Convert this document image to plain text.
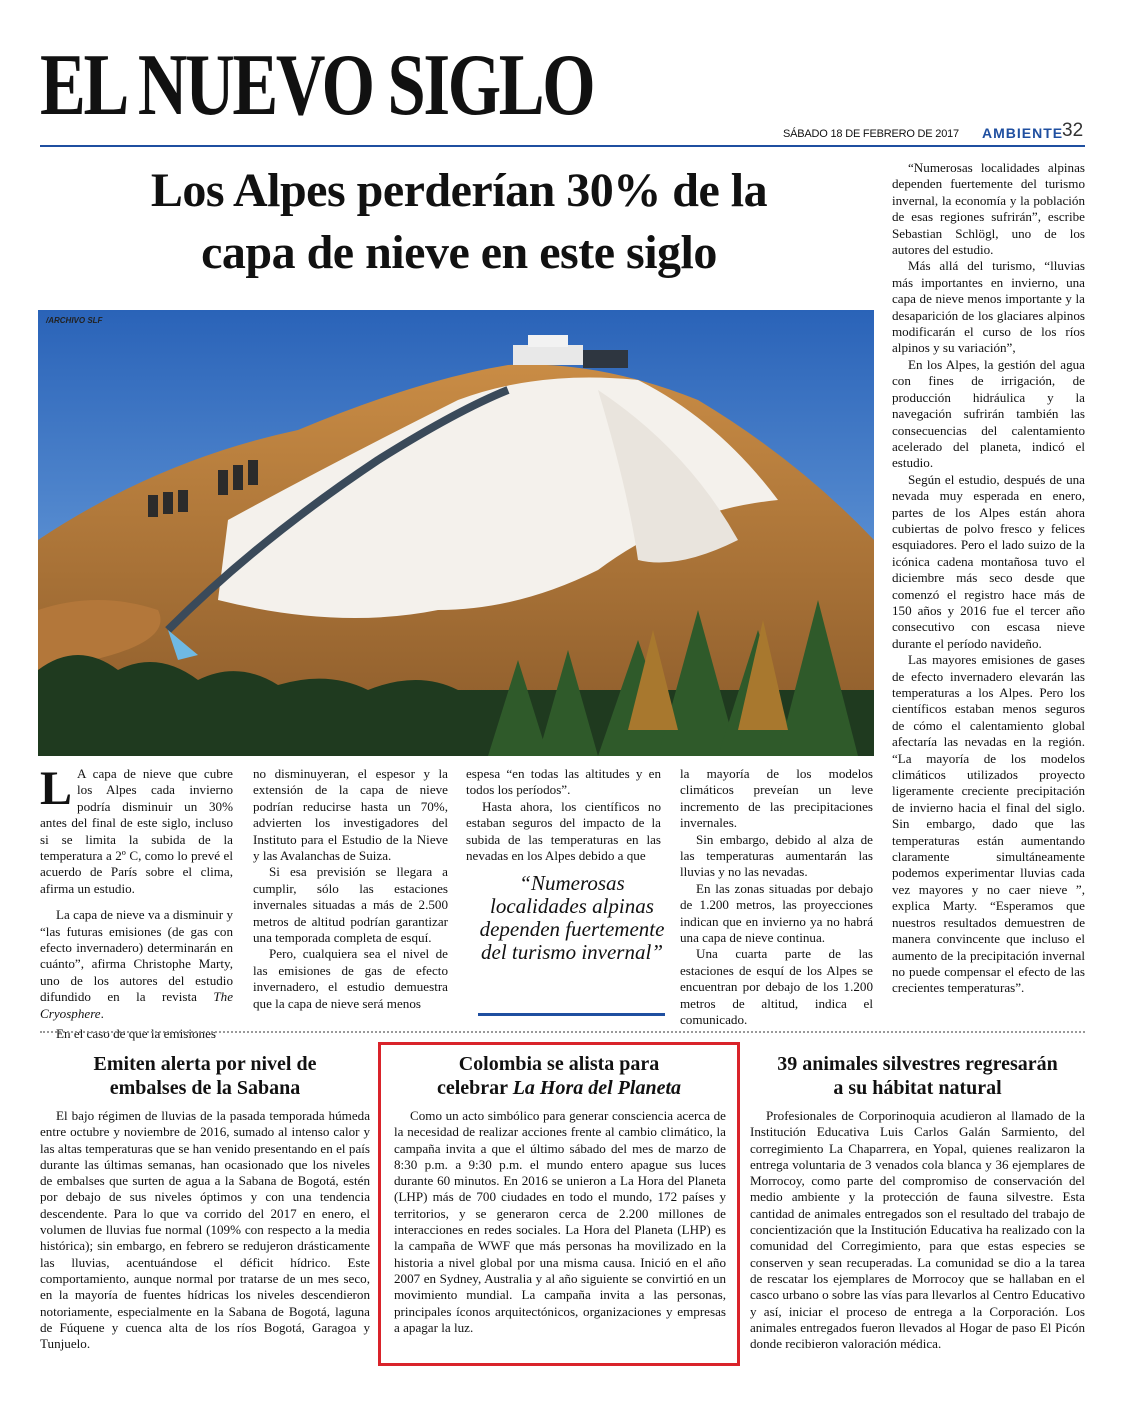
EL NUEVO SIGLO	SÁBADO 18 DE FEBRERO DE 2017 AMBIENTE
32
Los Alpes perderían 30% de la
capa de nieve en este siglo
/ARCHIVO SLF

L A capa de nieve que cubre los Alpes cada invierno podría disminuir un 30% antes del final de este siglo, incluso si se limita la subida de la temperatura a 2º C, como lo prevé el acuerdo de París sobre el clima, afirma un estudio.

La capa de nieve va a disminuir y “las futuras emisiones (de gas con efecto invernadero) determinarán en cuánto”, afirma Christophe Marty, uno de los autores del estudio difundido en la revista The Cryosphere.

En el caso de que la emisiones

no disminuyeran, el espesor y la extensión de la capa de nieve podrían reducirse hasta un 70%, advierten los investigadores del Instituto para el Estudio de la Nieve y las Avalanchas de Suiza.

Si esa previsión se llegara a cumplir, sólo las estaciones invernales situadas a más de 2.500 metros de altitud podrían garantizar una temporada completa de esquí.

Pero, cualquiera sea el nivel de las emisiones de gas de efecto invernadero, el estudio demuestra que la capa de nieve será menos

espesa “en todas las altitudes y en todos los períodos”.

Hasta ahora, los científicos no estaban seguros del impacto de la subida de las temperaturas en las nevadas en los Alpes debido a que

“Numerosas localidades alpinas dependen fuertemente del turismo invernal”

la mayoría de los modelos climáticos preveían un leve incremento de las precipitaciones invernales.

Sin embargo, debido al alza de las temperaturas aumentarán las lluvias y no las nevadas.

En las zonas situadas por debajo de 1.200 metros, las proyecciones indican que en invierno ya no habrá una capa de nieve continua.

Una cuarta parte de las estaciones de esquí de los Alpes se encuentran por debajo de los 1.200 metros de altitud, indica el comunicado.

“Numerosas localidades alpinas dependen fuertemente del turismo invernal, la economía y la población de esas regiones sufrirán”, escribe Sebastian Schlögl, uno de los autores del estudio.

Más allá del turismo, “lluvias más importantes en invierno, una capa de nieve menos importante y la desaparición de los glaciares alpinos modificarán el curso de los ríos alpinos y su variación”,

En los Alpes, la gestión del agua con fines de irrigación, de producción hidráulica y la navegación sufrirán también las consecuencias del calentamiento acelerado del planeta, indicó el estudio.

Según el estudio, después de una nevada muy esperada en enero, partes de los Alpes están ahora cubiertas de polvo fresco y felices esquiadores. Pero el lado suizo de la icónica cadena montañosa tuvo el diciembre más seco desde que comenzó el registro hace más de 150 años y 2016 fue el tercer año consecutivo con escasa nieve durante el período navideño.

Las mayores emisiones de gases de efecto invernadero elevarán las temperaturas a los Alpes. Pero los científicos estaban menos seguros de cómo el calentamiento global afectaría las nevadas en la región. “La mayoría de los modelos climáticos utilizados proyecto ligeramente creciente precipitación de invierno hacia el final del siglo. Sin embargo, dado que las temperaturas están aumentando claramente simultáneamente podemos experimentar lluvias cada vez mayores y no caer nieve ”, explica Marty. “Esperamos que nuestros resultados demuestren de manera convincente que incluso el aumento de la precipitación invernal no puede compensar el efecto de las crecientes temperaturas”.

Emiten alerta por nivel de
embalses de la Sabana

El bajo régimen de lluvias de la pasada temporada húmeda entre octubre y noviembre de 2016, sumado al intenso calor y las altas temperaturas que se han venido presentando en el país durante las últimas semanas, han ocasionado que los niveles de embalses que surten de agua a la Sabana de Bogotá, estén por debajo de sus niveles óptimos y con una tendencia descendente. Para lo que va corrido del 2017 en enero, el volumen de lluvias fue normal (109% con respecto a la media histórica); sin embargo, en febrero se redujeron drásticamente las lluvias, acentuándose el déficit hídrico. Este comportamiento, aunque normal por tratarse de un mes seco, en la mayoría de fuentes hídricas los niveles descendieron notoriamente, especialmente en la Sabana de Bogotá, laguna de Fúquene y cuenca alta de los ríos Bogotá, Garagoa y Tunjuelo.

Colombia se alista para
celebrar La Hora del Planeta

Como un acto simbólico para generar consciencia acerca de la necesidad de realizar acciones frente al cambio climático, la campaña invita a que el último sábado del mes de marzo de 8:30 p.m. a 9:30 p.m. el mundo entero apague sus luces durante 60 minutos. En 2016 se unieron a La Hora del Planeta (LHP) más de 700 ciudades en todo el mundo, 172 países y territorios, y se generaron cerca de 2.200 millones de interacciones en redes sociales. La Hora del Planeta (LHP) es la campaña de WWF que más personas ha movilizado en la historia a nivel global por una misma causa. Inició en el año 2007 en Sydney, Australia y al año siguiente se convirtió en un movimiento mundial. La campaña invita a las personas, principales íconos arquitectónicos, organizaciones y empresas a apagar la luz.

39 animales silvestres regresarán
a su hábitat natural

Profesionales de Corporinoquia acudieron al llamado de la Institución Educativa Luis Carlos Galán Sarmiento, del corregimiento La Chaparrera, en Yopal, quienes realizaron la entrega voluntaria de 3 venados cola blanca y 36 ejemplares de Morrocoy, como parte del compromiso de conservación del medio ambiente y la protección de fauna silvestre. Esta cantidad de animales entregados son el resultado del trabajo de concientización que la Institución Educativa ha realizado con la comunidad del Corregimiento, para que estas especies se conserven y sean recuperadas. La comunidad se dio a la tarea de rescatar los ejemplares de Morrocoy que se hallaban en el casco urbano o sobre las vías para llevarlos al Centro Educativo y así, iniciar el proceso de entrega a la Corporación. Los animales entregados fueron llevados al Hogar de paso El Picón donde recibieron valoración médica.
